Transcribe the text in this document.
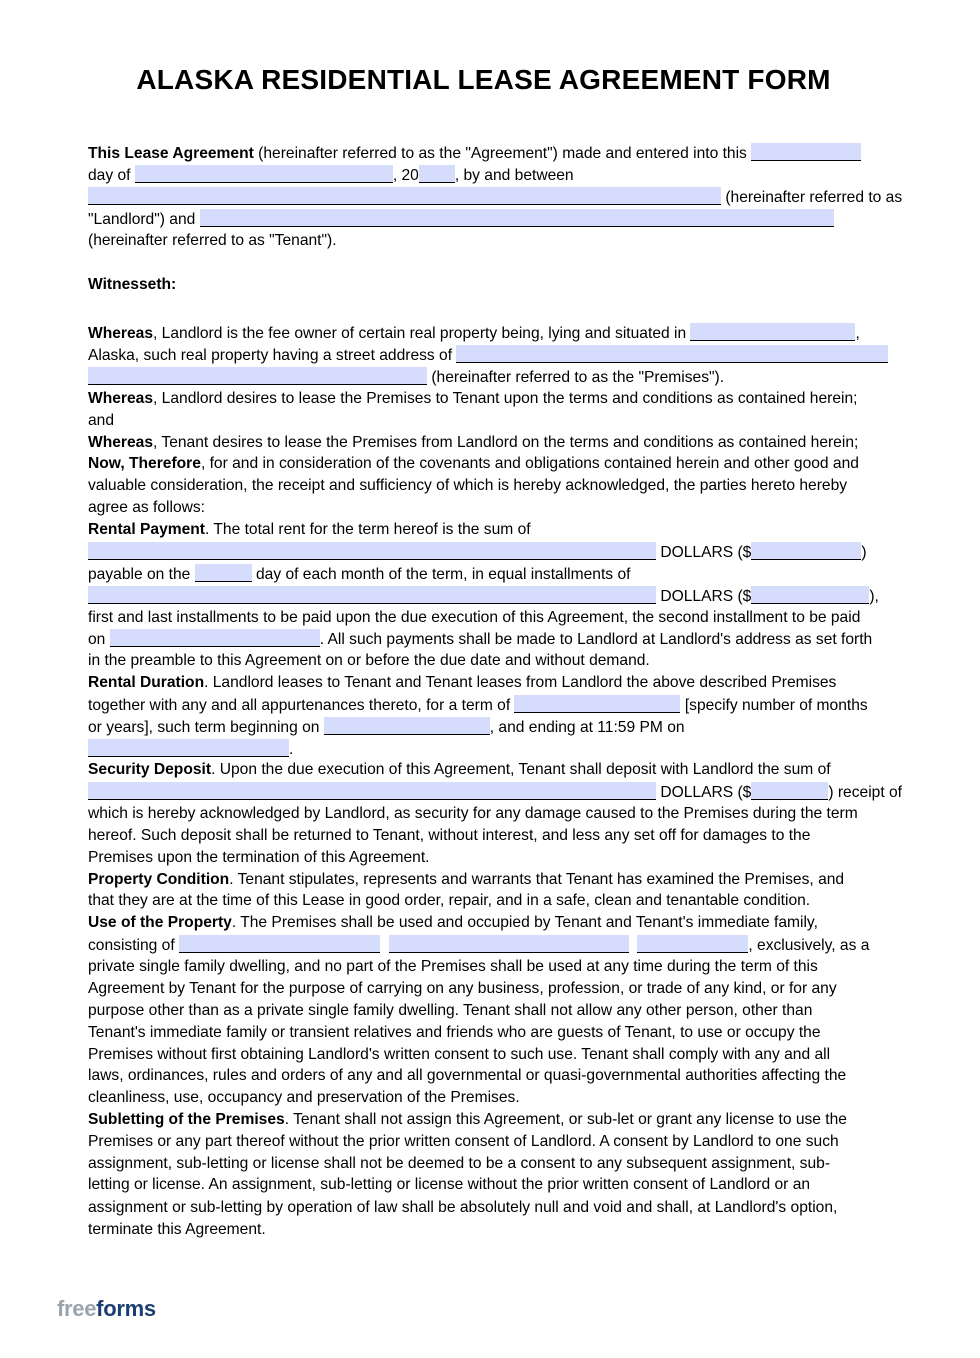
ALASKA RESIDENTIAL LEASE AGREEMENT FORM
This Lease Agreement (hereinafter referred to as the "Agreement") made and entered into this
day of	, 20 , by and between
(hereinafter referred to as
"Landlord") and
(hereinafter referred to as "Tenant").
Witnesseth:
Whereas, Landlord is the fee owner of certain real property being, lying and situated in	,
Alaska, such real property having a street address of
(hereinafter referred to as the "Premises").
Whereas, Landlord desires to lease the Premises to Tenant upon the terms and conditions as contained herein;
and
Whereas, Tenant desires to lease the Premises from Landlord on the terms and conditions as contained herein;
Now, Therefore, for and in consideration of the covenants and obligations contained herein and other good and
valuable consideration, the receipt and sufficiency of which is hereby acknowledged, the parties hereto hereby
agree as follows:
Rental Payment. The total rent for the term hereof is the sum of
DOLLARS ($	)
payable on the	day of each month of the term, in equal installments of
DOLLARS ($	),
first and last installments to be paid upon the due execution of this Agreement, the second installment to be paid
on	. All such payments shall be made to Landlord at Landlord's address as set forth
in the preamble to this Agreement on or before the due date and without demand.
Rental Duration. Landlord leases to Tenant and Tenant leases from Landlord the above described Premises
together with any and all appurtenances thereto, for a term of	[specify number of months
or years], such term beginning on	, and ending at 11:59 PM on
.
Security Deposit. Upon the due execution of this Agreement, Tenant shall deposit with Landlord the sum of
DOLLARS ($	) receipt of
which is hereby acknowledged by Landlord, as security for any damage caused to the Premises during the term
hereof. Such deposit shall be returned to Tenant, without interest, and less any set off for damages to the
Premises upon the termination of this Agreement.
Property Condition. Tenant stipulates, represents and warrants that Tenant has examined the Premises, and
that they are at the time of this Lease in good order, repair, and in a safe, clean and tenantable condition.
Use of the Property. The Premises shall be used and occupied by Tenant and Tenant's immediate family,
consisting of	, exclusively, as a
private single family dwelling, and no part of the Premises shall be used at any time during the term of this
Agreement by Tenant for the purpose of carrying on any business, profession, or trade of any kind, or for any
purpose other than as a private single family dwelling. Tenant shall not allow any other person, other than
Tenant's immediate family or transient relatives and friends who are guests of Tenant, to use or occupy the
Premises without first obtaining Landlord's written consent to such use. Tenant shall comply with any and all
laws, ordinances, rules and orders of any and all governmental or quasi-governmental authorities affecting the
cleanliness, use, occupancy and preservation of the Premises.
Subletting of the Premises. Tenant shall not assign this Agreement, or sub-let or grant any license to use the
Premises or any part thereof without the prior written consent of Landlord. A consent by Landlord to one such
assignment, sub-letting or license shall not be deemed to be a consent to any subsequent assignment, sub-
letting or license. An assignment, sub-letting or license without the prior written consent of Landlord or an
assignment or sub-letting by operation of law shall be absolutely null and void and shall, at Landlord's option,
terminate this Agreement.
freeforms
